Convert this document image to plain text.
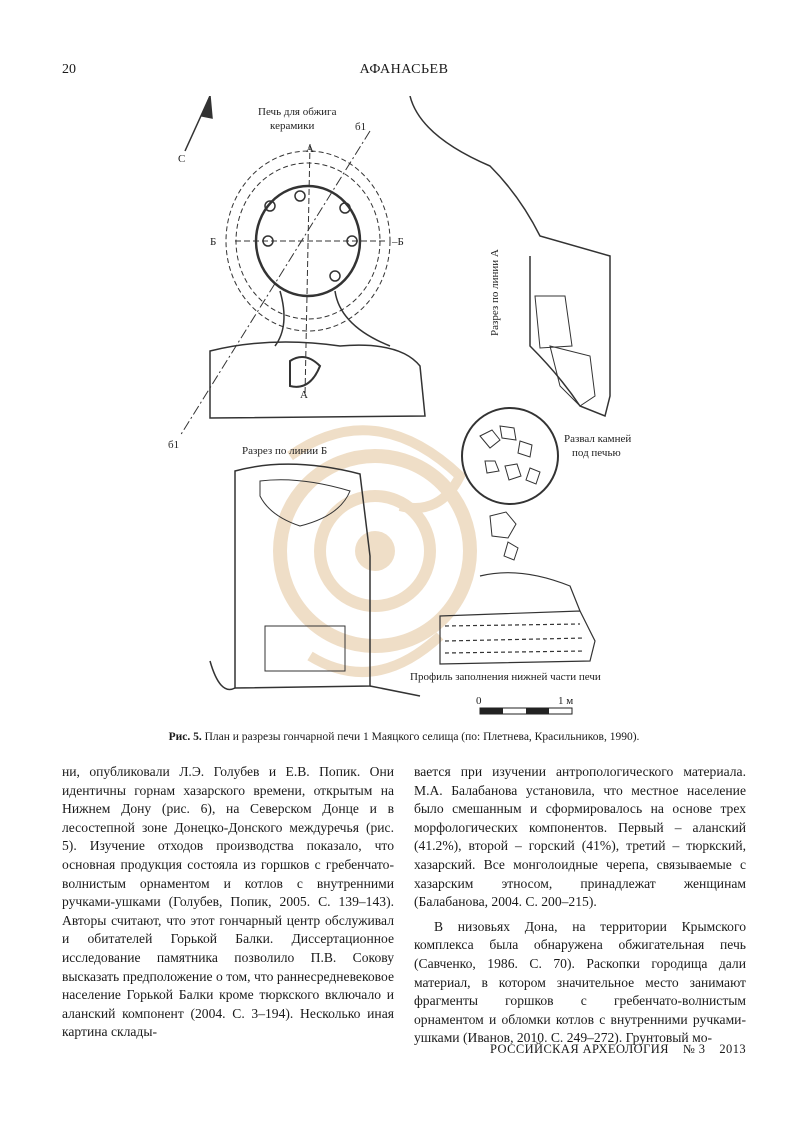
20	АФАНАСЬЕВ
Печь для обжига
керамики
С
А
А
Б	–Б
б1
б1
Разрез по линии А
Разрез по линии Б
Развал камней
под печью
Профиль заполнения нижней части печи
0	1 м
Рис. 5. План и разрезы гончарной печи 1 Маяцкого селища (по: Плетнева, Красильников, 1990).

ни, опубликовали Л.Э. Голубев и Е.В. Попик. Они идентичны горнам хазарского времени, открытым на Нижнем Дону (рис. 6), на Северском Донце и в лесостепной зоне Донецко-Донского междуречья (рис. 5). Изучение отходов производства показало, что основная продукция состояла из горшков с гребенчато-волнистым орнаментом и котлов с внутренними ручками-ушками (Голубев, Попик, 2005. С. 139–143). Авторы считают, что этот гончарный центр обслуживал и обитателей Горькой Балки. Диссертационное исследование памятника позволило П.В. Сокову высказать предположение о том, что раннесредневековое население Горькой Балки кроме тюркского включало и аланский компонент (2004. С. 3–194). Несколько иная картина склады-

вается при изучении антропологического материала. М.А. Балабанова установила, что местное население было смешанным и сформировалось на основе трех морфологических компонентов. Первый – аланский (41.2%), второй – горский (41%), третий – тюркский, хазарский. Все монголоидные черепа, связываемые с хазарским этносом, принадлежат женщинам (Балабанова, 2004. С. 200–215).

В низовьях Дона, на территории Крымского комплекса была обнаружена обжигательная печь (Савченко, 1986. С. 70). Раскопки городища дали материал, в котором значительное место занимают фрагменты горшков с гребенчато-волнистым орнаментом и обломки котлов с внутренними ручками-ушками (Иванов, 2010. С. 249–272). Грунтовый мо-

РОССИЙСКАЯ АРХЕОЛОГИЯ № 3 2013
